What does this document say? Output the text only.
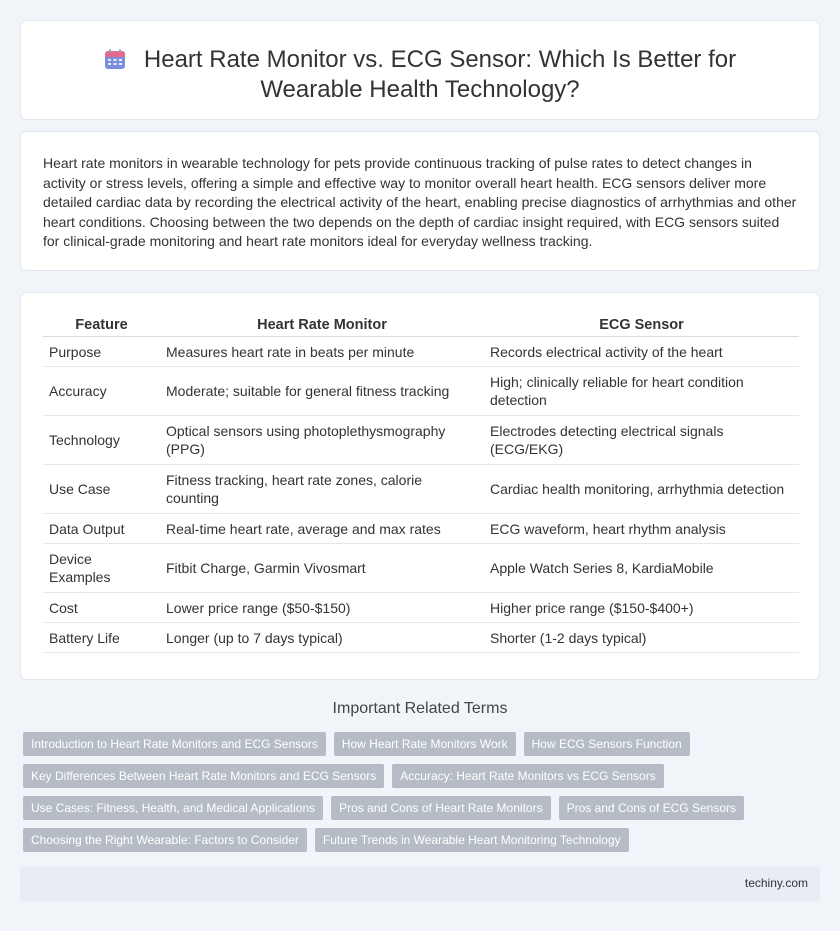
Heart Rate Monitor vs. ECG Sensor: Which Is Better for Wearable Health Technology?

Heart rate monitors in wearable technology for pets provide continuous tracking of pulse rates to detect changes in activity or stress levels, offering a simple and effective way to monitor overall heart health. ECG sensors deliver more detailed cardiac data by recording the electrical activity of the heart, enabling precise diagnostics of arrhythmias and other heart conditions. Choosing between the two depends on the depth of cardiac insight required, with ECG sensors suited for clinical-grade monitoring and heart rate monitors ideal for everyday wellness tracking.

Feature	Heart Rate Monitor	ECG Sensor
Purpose	Measures heart rate in beats per minute	Records electrical activity of the heart
Accuracy	Moderate; suitable for general fitness tracking	High; clinically reliable for heart condition detection
Technology	Optical sensors using photoplethysmography (PPG)	Electrodes detecting electrical signals (ECG/EKG)
Use Case	Fitness tracking, heart rate zones, calorie counting	Cardiac health monitoring, arrhythmia detection
Data Output	Real-time heart rate, average and max rates	ECG waveform, heart rhythm analysis
Device Examples	Fitbit Charge, Garmin Vivosmart	Apple Watch Series 8, KardiaMobile
Cost	Lower price range ($50-$150)	Higher price range ($150-$400+)
Battery Life	Longer (up to 7 days typical)	Shorter (1-2 days typical)
Important Related Terms
Introduction to Heart Rate Monitors and ECG Sensors	How Heart Rate Monitors Work	How ECG Sensors Function
Key Differences Between Heart Rate Monitors and ECG Sensors	Accuracy: Heart Rate Monitors vs ECG Sensors
Use Cases: Fitness, Health, and Medical Applications	Pros and Cons of Heart Rate Monitors	Pros and Cons of ECG Sensors
Choosing the Right Wearable: Factors to Consider	Future Trends in Wearable Heart Monitoring Technology
techiny.com
